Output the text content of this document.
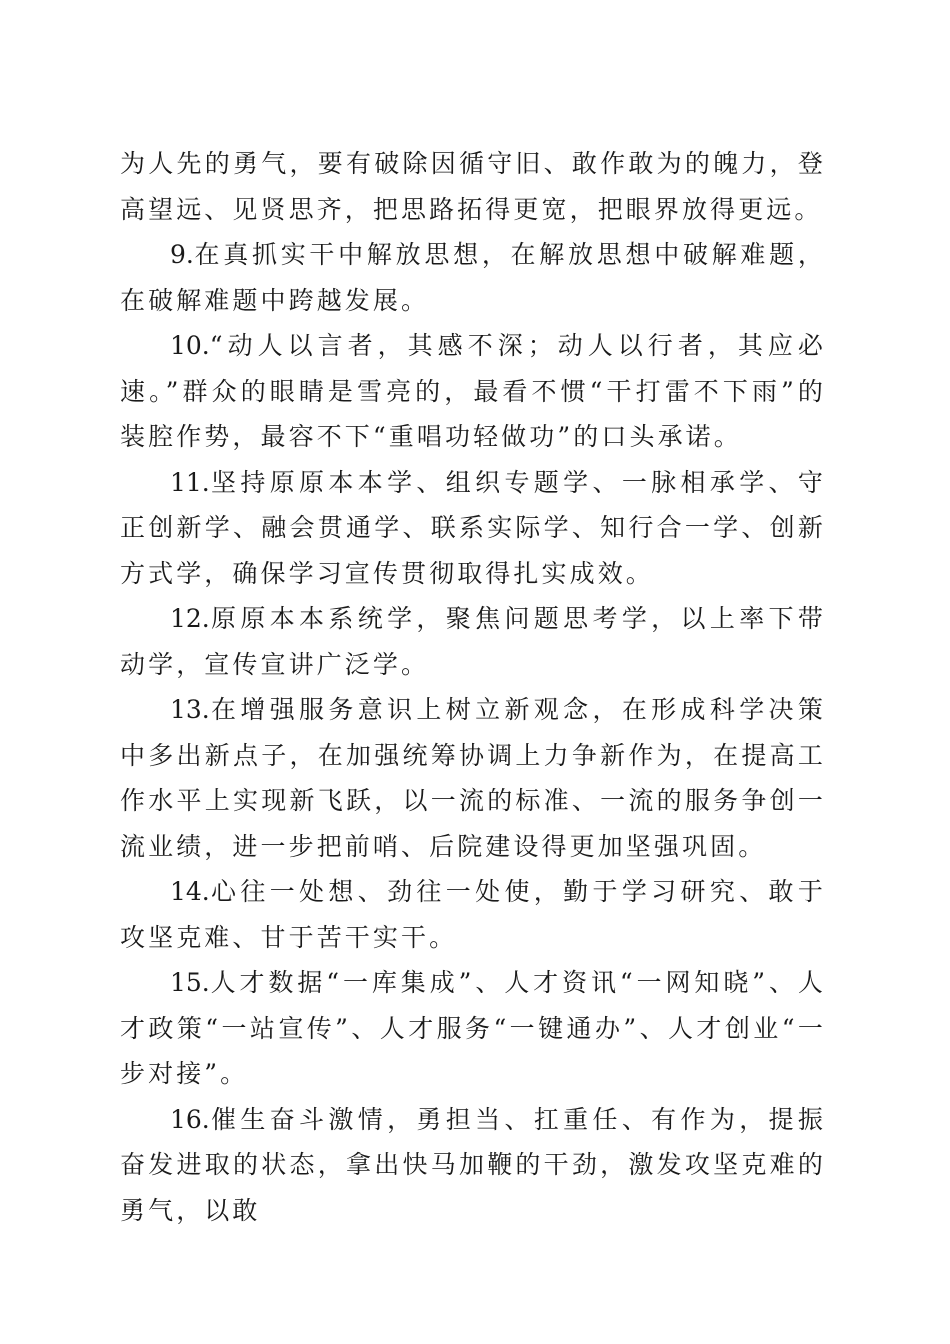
为人先的勇气，要有破除因循守旧、敢作敢为的魄力，登高望远、见贤思齐，把思路拓得更宽，把眼界放得更远。

9.在真抓实干中解放思想，在解放思想中破解难题，在破解难题中跨越发展。

10.“动人以言者，其感不深；动人以行者，其应必速。”群众的眼睛是雪亮的，最看不惯“干打雷不下雨”的装腔作势，最容不下“重唱功轻做功”的口头承诺。

11.坚持原原本本学、组织专题学、一脉相承学、守正创新学、融会贯通学、联系实际学、知行合一学、创新方式学，确保学习宣传贯彻取得扎实成效。

12.原原本本系统学，聚焦问题思考学，以上率下带动学，宣传宣讲广泛学。

13.在增强服务意识上树立新观念，在形成科学决策中多出新点子，在加强统筹协调上力争新作为，在提高工作水平上实现新飞跃，以一流的标准、一流的服务争创一流业绩，进一步把前哨、后院建设得更加坚强巩固。

14.心往一处想、劲往一处使，勤于学习研究、敢于攻坚克难、甘于苦干实干。

15.人才数据“一库集成”、人才资讯“一网知晓”、人才政策“一站宣传”、人才服务“一键通办”、人才创业“一步对接”。

16.催生奋斗激情，勇担当、扛重任、有作为，提振奋发进取的状态，拿出快马加鞭的干劲，激发攻坚克难的勇气，以敢
